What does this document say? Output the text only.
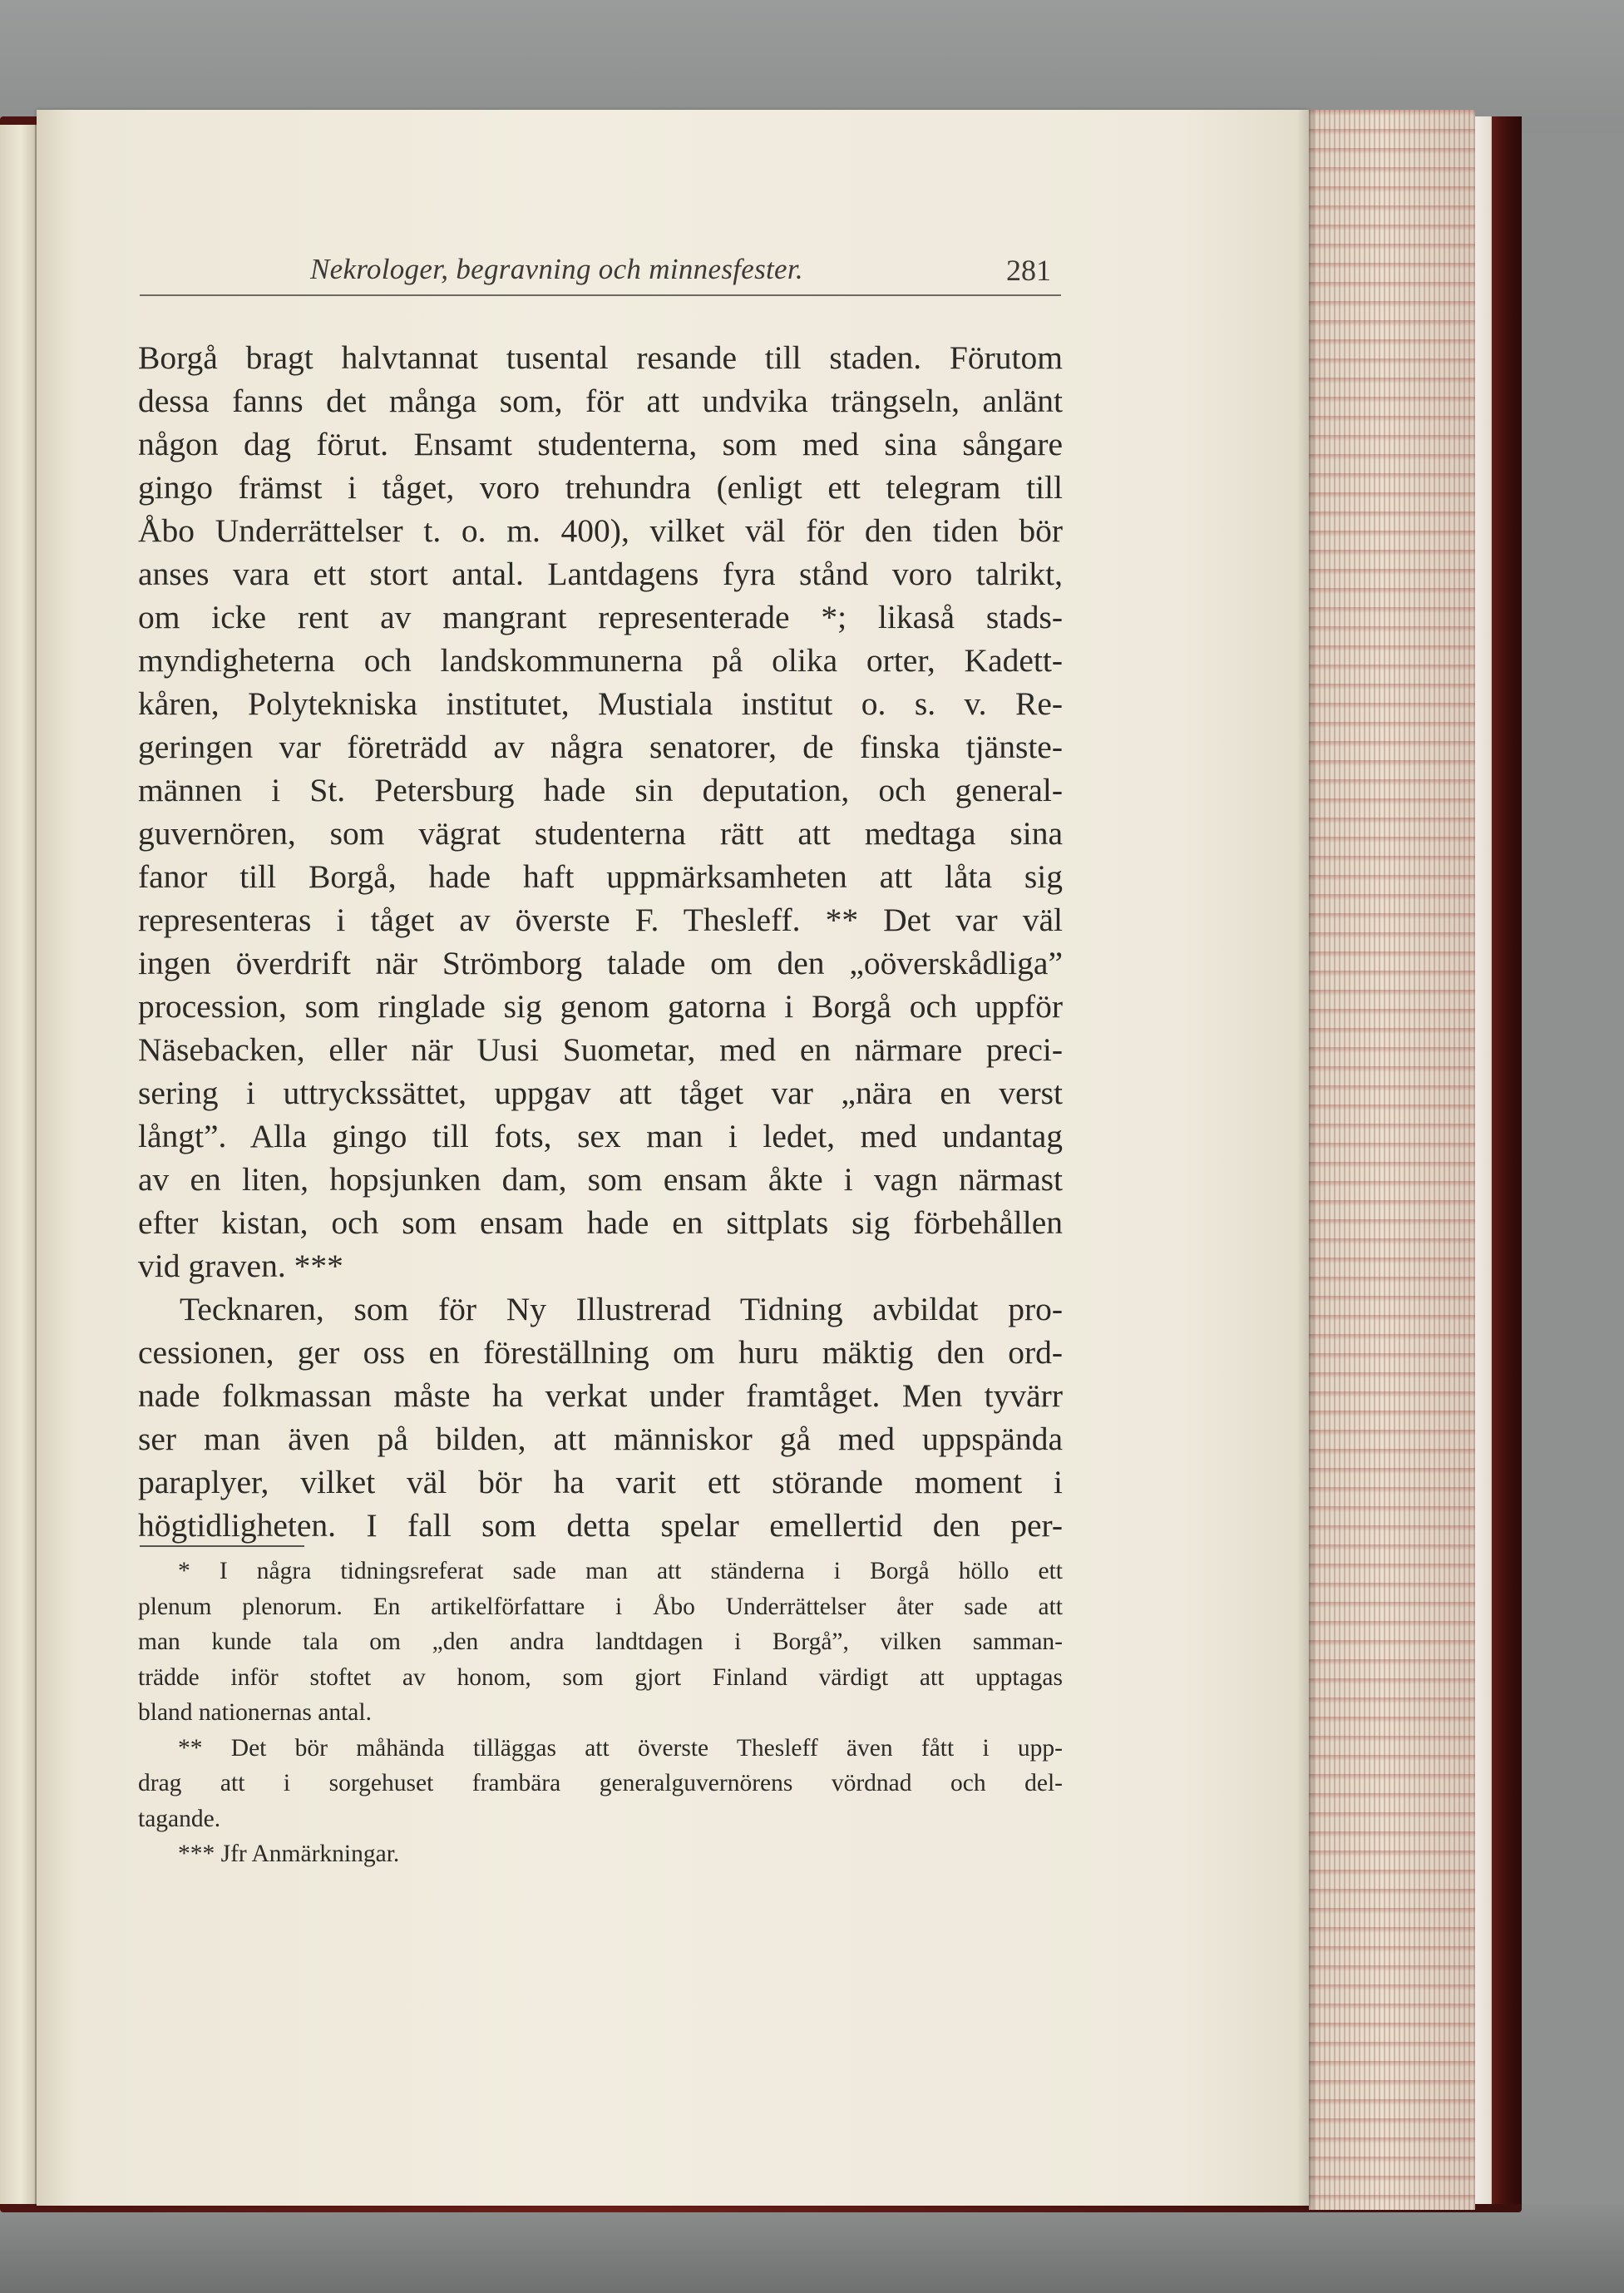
Nekrologer, begravning och minnesfester.	281
Borgå bragt halvtannat tusental resande till staden. Förutom
dessa fanns det många som, för att undvika trängseln, anlänt
någon dag förut. Ensamt studenterna, som med sina sångare
gingo främst i tåget, voro trehundra (enligt ett telegram till
Åbo Underrättelser t. o. m. 400), vilket väl för den tiden bör
anses vara ett stort antal. Lantdagens fyra stånd voro talrikt,
om icke rent av mangrant representerade *; likaså stads-
myndigheterna och landskommunerna på olika orter, Kadett-
kåren, Polytekniska institutet, Mustiala institut o. s. v. Re-
geringen var företrädd av några senatorer, de finska tjänste-
männen i St. Petersburg hade sin deputation, och general-
guvernören, som vägrat studenterna rätt att medtaga sina
fanor till Borgå, hade haft uppmärksamheten att låta sig
representeras i tåget av överste F. Thesleff. ** Det var väl
ingen överdrift när Strömborg talade om den „oöverskådliga”
procession, som ringlade sig genom gatorna i Borgå och uppför
Näsebacken, eller när Uusi Suometar, med en närmare preci-
sering i uttryckssättet, uppgav att tåget var „nära en verst
långt”. Alla gingo till fots, sex man i ledet, med undantag
av en liten, hopsjunken dam, som ensam åkte i vagn närmast
efter kistan, och som ensam hade en sittplats sig förbehållen
vid graven. ***
Tecknaren, som för Ny Illustrerad Tidning avbildat pro-
cessionen, ger oss en föreställning om huru mäktig den ord-
nade folkmassan måste ha verkat under framtåget. Men tyvärr
ser man även på bilden, att människor gå med uppspända
paraplyer, vilket väl bör ha varit ett störande moment i
högtidligheten. I fall som detta spelar emellertid den per-
* I några tidningsreferat sade man att ständerna i Borgå höllo ett
plenum plenorum. En artikelförfattare i Åbo Underrättelser åter sade att
man kunde tala om „den andra landtdagen i Borgå”, vilken samman-
trädde inför stoftet av honom, som gjort Finland värdigt att upptagas
bland nationernas antal.
** Det bör måhända tilläggas att överste Thesleff även fått i upp-
drag att i sorgehuset frambära generalguvernörens vördnad och del-
tagande.
*** Jfr Anmärkningar.
